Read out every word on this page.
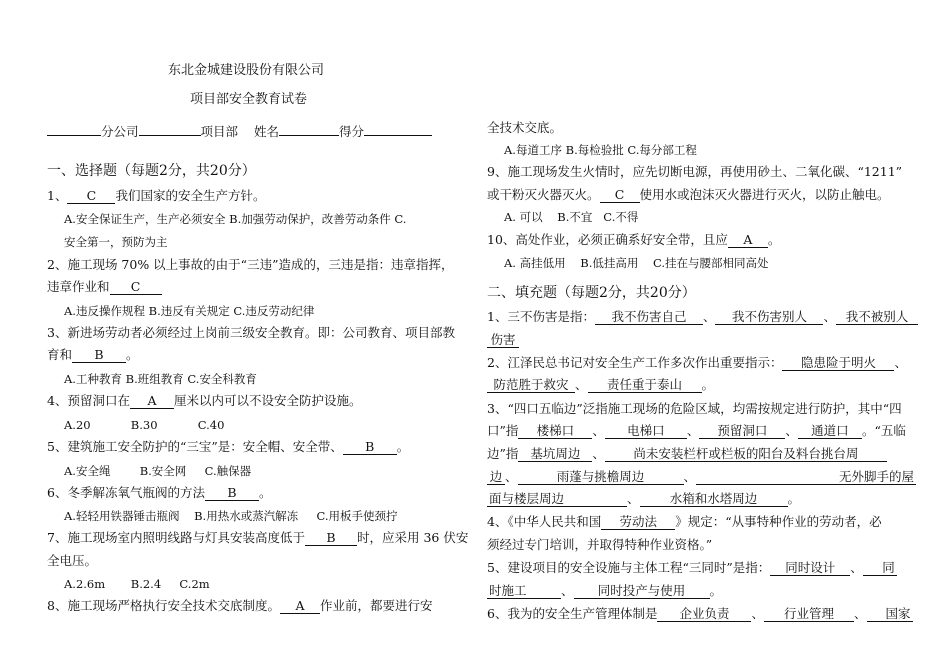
东北金城建设股份有限公司
项目部安全教育试卷
分公司	项目部 姓名	得分
一、选择题（每题2分，共20分）
1、 C 我们国家的安全生产方针。
A.安全保证生产，生产必须安全 B.加强劳动保护，改善劳动条件 C.
安全第一，预防为主
2、施工现场 70% 以上事故的由于“三违”造成的，三违是指：违章指挥，
违章作业和 C
A.违反操作规程 B.违反有关规定 C.违反劳动纪律
3、新进场劳动者必须经过上岗前三级安全教育。即：公司教育、项目部教
育和 B 。
A.工种教育 B.班组教育 C.安全科教育
4、预留洞口在 A 厘米以内可以不设安全防护设施。
A.20           B.30           C.40
5、建筑施工安全防护的“三宝”是：安全帽、安全带、 B 。
A.安全绳        B.安全网     C.触保器
6、冬季解冻氧气瓶阀的方法 B 。
A.轻轻用铁器锤击瓶阀    B.用热水或蒸汽解冻     C.用板手使颈拧
7、施工现场室内照明线路与灯具安装高度低于 B 时，应采用 36 伏安
全电压。
A.2.6m       B.2.4     C.2m
8、施工现场严格执行安全技术交底制度。 A 作业前，都要进行安
全技术交底。
A.每道工序 B.每检验批 C.每分部工程
9、施工现场发生火情时，应先切断电源，再使用砂土、二氧化碳、“1211”
或干粉灭火器灭火。 C 使用水或泡沫灭火器进行灭火，以防止触电。
A. 可以    B.不宜   C.不得
10、高处作业，必须正确系好安全带，且应 A 。
A. 高挂低用    B.低挂高用    C.挂在与腰部相同高处
二、填充题（每题2分，共20分）
1、三不伤害是指： 我不伤害自己 、 我不伤害别人 、 我不被别人
伤害
2、江泽民总书记对安全生产工作多次作出重要指示： 隐患险于明火 、
防范胜于救灾 、 责任重于泰山 。
3、“四口五临边”泛指施工现场的危险区域，均需按规定进行防护，其中“四
口”指 楼梯口 、 电梯口 、 预留洞口 、 通道口 。“五临
边”指 基坑周边 、 尚未安装栏杆或栏板的阳台及料台挑台周
边 、	雨蓬与挑檐周边	、	无外脚手的屋
面与楼层周边	、 水箱和水塔周边 。
4、《中华人民共和国 劳动法 》规定：“从事特种作业的劳动者，必
须经过专门培训，并取得特种作业资格。”
5、建设项目的安全设施与主体工程“三同时”是指： 同时设计 、 同
时施工	、 同时投产与使用 。
6、我为的安全生产管理体制是 企业负责 、 行业管理 、 国家
